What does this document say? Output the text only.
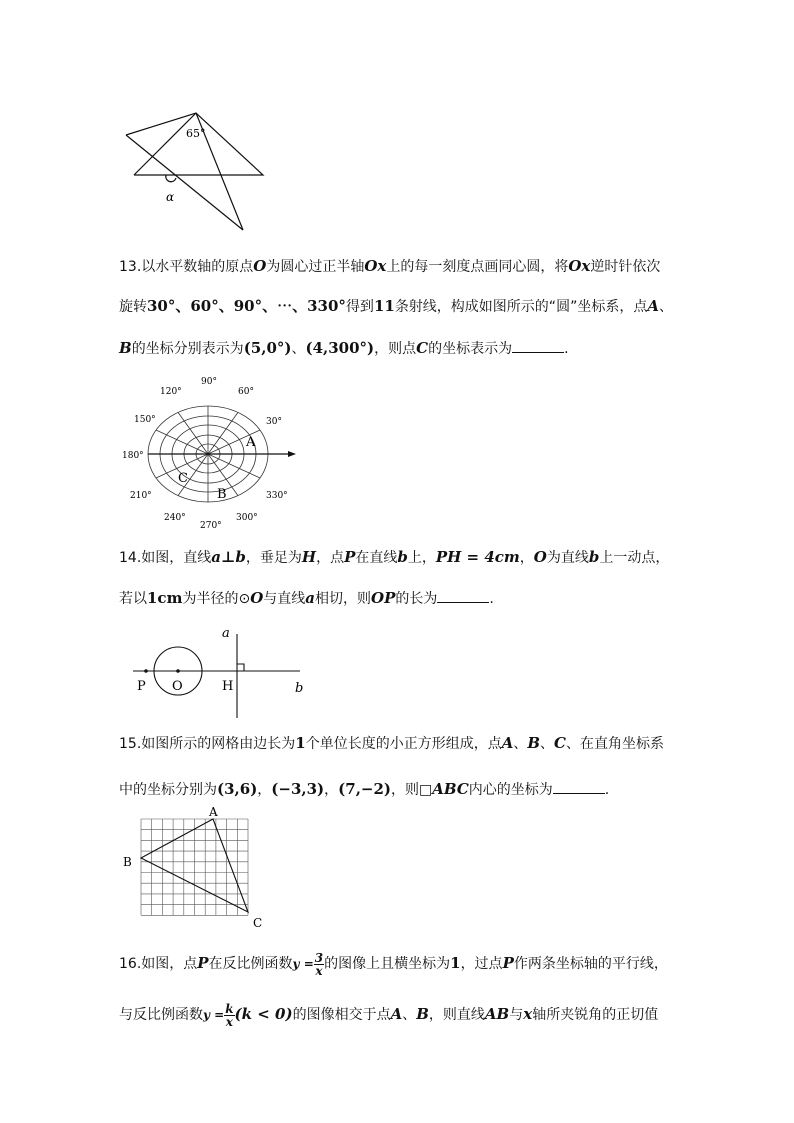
65°
α
13.以水平数轴的原点O为圆心过正半轴Ox上的每一刻度点画同心圆，将Ox逆时针依次
旋转30°、60°、90°、⋯、330°得到11条射线，构成如图所示的“圆”坐标系，点A、
B的坐标分别表示为(5,0°)、(4,300°)，则点C的坐标表示为	.
90°
60°
30°
120°
150°
180°
210°
240°
270°
300°
330°
A
B
C
14.如图，直线a⊥b，垂足为H，点P在直线b上，PH = 4cm，O为直线b上一动点，
若以1cm为半径的⊙O与直线a相切，则OP的长为	.
P O	H
a
b
15.如图所示的网格由边长为1个单位长度的小正方形组成，点A、B、C、在直角坐标系
中的坐标分别为(3,6)，(−3,3)，(7,−2)，则□ABC内心的坐标为	.
A
B
C
16.如图，点P在反比例函数$y = \frac{3}{x}$ 的图像上且横坐标为1，过点P作两条坐标轴的平行线，
与反比例函数$y = \frac{k}{x} (k < 0)$的图像相交于点A、B，则直线AB与x轴所夹锐角的正切值
